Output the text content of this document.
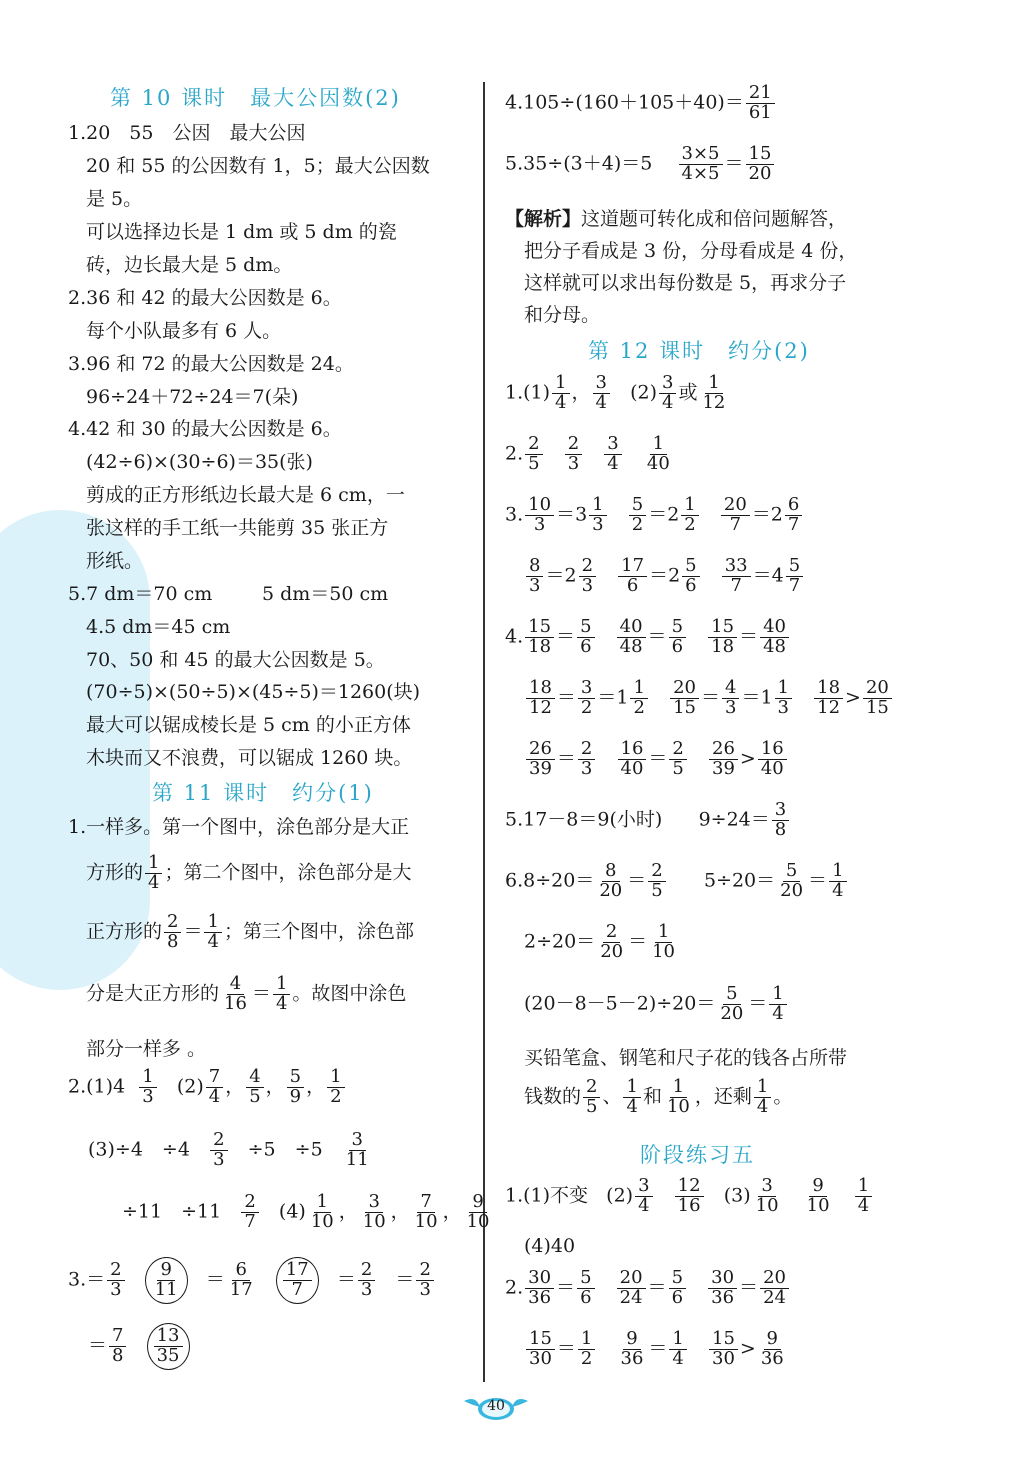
第 10 课时　最大公因数(2)
1.20　55　公因　最大公因
20 和 55 的公因数有 1，5；最大公因数
是 5。
可以选择边长是 1 dm 或 5 dm 的瓷
砖，边长最大是 5 dm。
2.36 和 42 的最大公因数是 6。
每个小队最多有 6 人。
3.96 和 72 的最大公因数是 24。
96÷24＋72÷24＝7(朵)
4.42 和 30 的最大公因数是 6。
(42÷6)×(30÷6)＝35(张)
剪成的正方形纸边长最大是 6 cm，一
张这样的手工纸一共能剪 35 张正方
形纸。
5.7 dm＝70 cm	5 dm＝50 cm
4.5 dm＝45 cm
70、50 和 45 的最大公因数是 5。
(70÷5)×(50÷5)×(45÷5)＝1260(块)
最大可以锯成棱长是 5 cm 的小正方体
木块而又不浪费，可以锯成 1260 块。
第 11 课时　约分(1)
1.一样多。第一个图中，涂色部分是大正
方形的 $\frac{1}{4}$ ；第二个图中，涂色部分是大
正方形的 $\frac{2}{8} = \frac{1}{4}$ ；第三个图中，涂色部
分是大正方形的 $\frac{4}{16} = \frac{1}{4}$ 。故图中涂色
部分一样多 。
$2.(1)4 \frac{1}{3} (2) \frac{7}{4}$ ， $\frac{4}{5}$ ， $\frac{5}{9}$ ， $\frac{1}{2}$
(3)÷4　$\div 4 \frac{2}{3} \div 5$　$\div 5 \frac{3}{11}$
÷11　$\div 11 \frac{2}{7} (4) \frac{1}{10}$ ， $\frac{3}{10}$ ， $\frac{7}{10}$ ， $\frac{9}{10}$
$3.= \frac{2}{3}$
$\frac{9}{11} = \frac{6}{17}$
$\frac{17}{7} = \frac{2}{3} = \frac{2}{3}$
＝ $\frac{7}{8}$
$\frac{13}{35}$
$4.105\div(160+105+40)= \frac{21}{61}$
$5.35\div(3+4)=5 \frac{3\times 5}{4\times 5} = \frac{15}{20}$
【解析】这道题可转化成和倍问题解答，
把分子看成是 3 份，分母看成是 4 份，
这样就可以求出每份数是 5，再求分子
和分母。
第 12 课时　约分(2)
$1.(1) \frac{1}{4}$ ， $\frac{3}{4} (2) \frac{3}{4}$ 或 $\frac{1}{12}$
2. $\frac{2}{5}$
$\frac{2}{3}$
$\frac{3}{4}$
$\frac{1}{40}$
3. $\frac{10}{3} =3 \frac{1}{3}$
$\frac{5}{2} =2 \frac{1}{2}$
$\frac{20}{7} =2 \frac{6}{7}$
$\frac{8}{3} =2 \frac{2}{3}$
$\frac{17}{6} =2 \frac{5}{6}$
$\frac{33}{7} =4 \frac{5}{7}$
4. $\frac{15}{18} = \frac{5}{6}$
$\frac{40}{48} = \frac{5}{6}$
$\frac{15}{18} = \frac{40}{48}$
$\frac{18}{12} = \frac{3}{2} =1 \frac{1}{2}$
$\frac{20}{15} = \frac{4}{3} =1 \frac{1}{3}$
$\frac{18}{12} > \frac{20}{15}$
$\frac{26}{39} = \frac{2}{3}$
$\frac{16}{40} = \frac{2}{5}$
$\frac{26}{39} > \frac{16}{40}$
5.17－8＝9(小时) $9\div 24= \frac{3}{8}$
$6.8\div 20= \frac{8}{20} = \frac{2}{5} 5\div 20= \frac{5}{20} = \frac{1}{4}$
$2\div 20= \frac{2}{20} = \frac{1}{10}$
$(20-8-5-2)\div 20= \frac{5}{20} = \frac{1}{4}$
买铅笔盒、钢笔和尺子花的钱各占所带
钱数的 $\frac{2}{5}$ 、 $\frac{1}{4}$ 和 $\frac{1}{10}$ ，还剩 $\frac{1}{4}$ 。
阶段练习五
1.(1)不变 $(2) \frac{3}{4}$
$\frac{12}{16} (3) \frac{3}{10}$
$\frac{9}{10}$
$\frac{1}{4}$
(4)40
2. $\frac{30}{36} = \frac{5}{6}$
$\frac{20}{24} = \frac{5}{6}$
$\frac{30}{36} = \frac{20}{24}$
$\frac{15}{30} = \frac{1}{2}$
$\frac{9}{36} = \frac{1}{4}$
$\frac{15}{30} > \frac{9}{36}$
40
